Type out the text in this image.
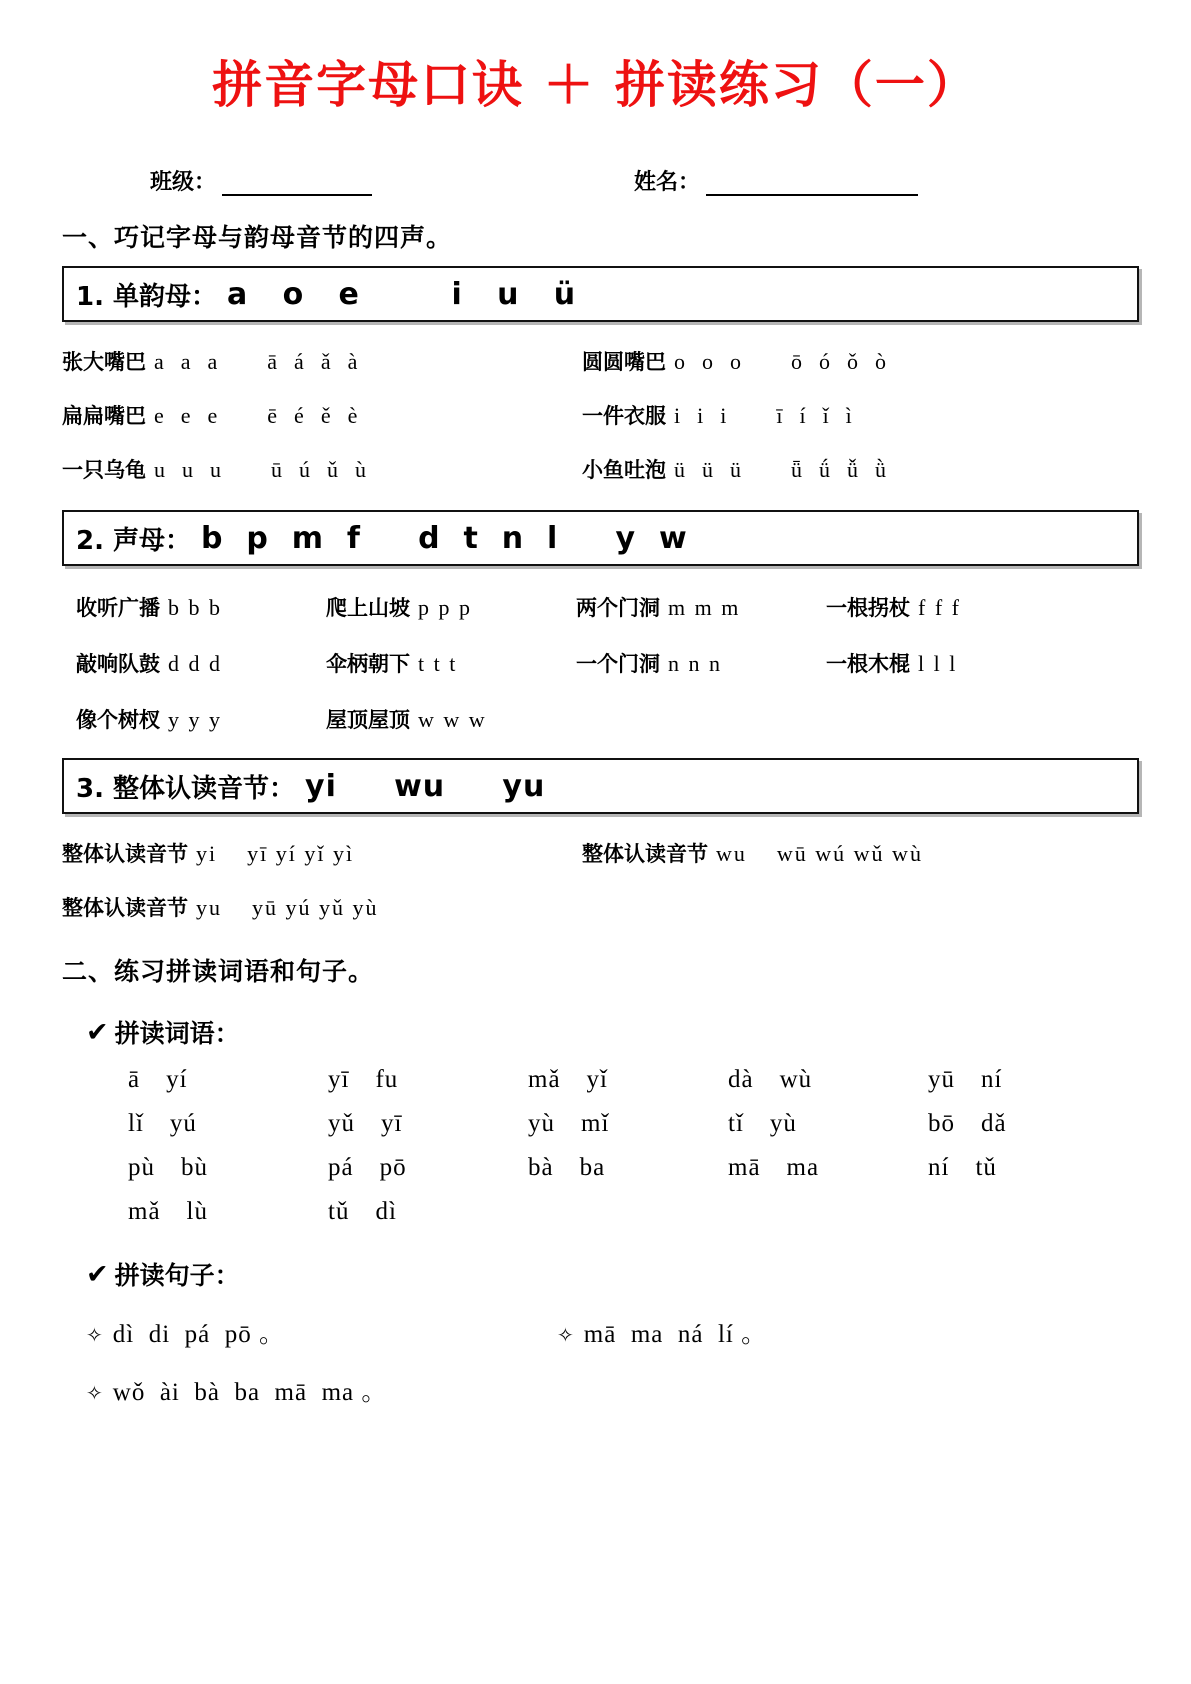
拼音字母口诀 ＋ 拼读练习（一）
班级：	姓名：
一、巧记字母与韵母音节的四声。
1. 单韵母： a   o   e        i   u   ü
张大嘴巴 a  a  a ā  á  ǎ  à	圆圆嘴巴 o  o  o ō  ó  ǒ  ò
扁扁嘴巴 e  e  e ē  é  ě  è	一件衣服 i  i  i ī  í  ǐ  ì
一只乌龟 u  u  u ū  ú  ǔ  ù	小鱼吐泡 ü  ü  ü ǖ  ǘ  ǚ  ǜ
2. 声母： b  p  m  f     d  t  n  l     y  w
收听广播 b b b	爬上山坡 p p p	两个门洞 m m m	一根拐杖 f f f
敲响队鼓 d d d	伞柄朝下 t t t	一个门洞 n n n	一根木棍 l l l
像个树杈 y y y	屋顶屋顶 w w w
3. 整体认读音节： yi     wu     yu
整体认读音节 yi yī yí yǐ yì	整体认读音节 wu wū wú wǔ wù
整体认读音节 yu yū yú yǔ yù
二、练习拼读词语和句子。
✔ 拼读词语：
ā yí	yī fu	mǎ yǐ	dà wù	yū ní
lǐ yú	yǔ yī	yù mǐ	tǐ yù	bō dǎ
pù bù	pá pō	bà ba	mā ma	ní tǔ
mǎ lù	tǔ dì
✔ 拼读句子：
✧ dì  di  pá  pō 。	✧ mā  ma  ná  lí 。
✧ wǒ  ài  bà  ba  mā  ma 。
